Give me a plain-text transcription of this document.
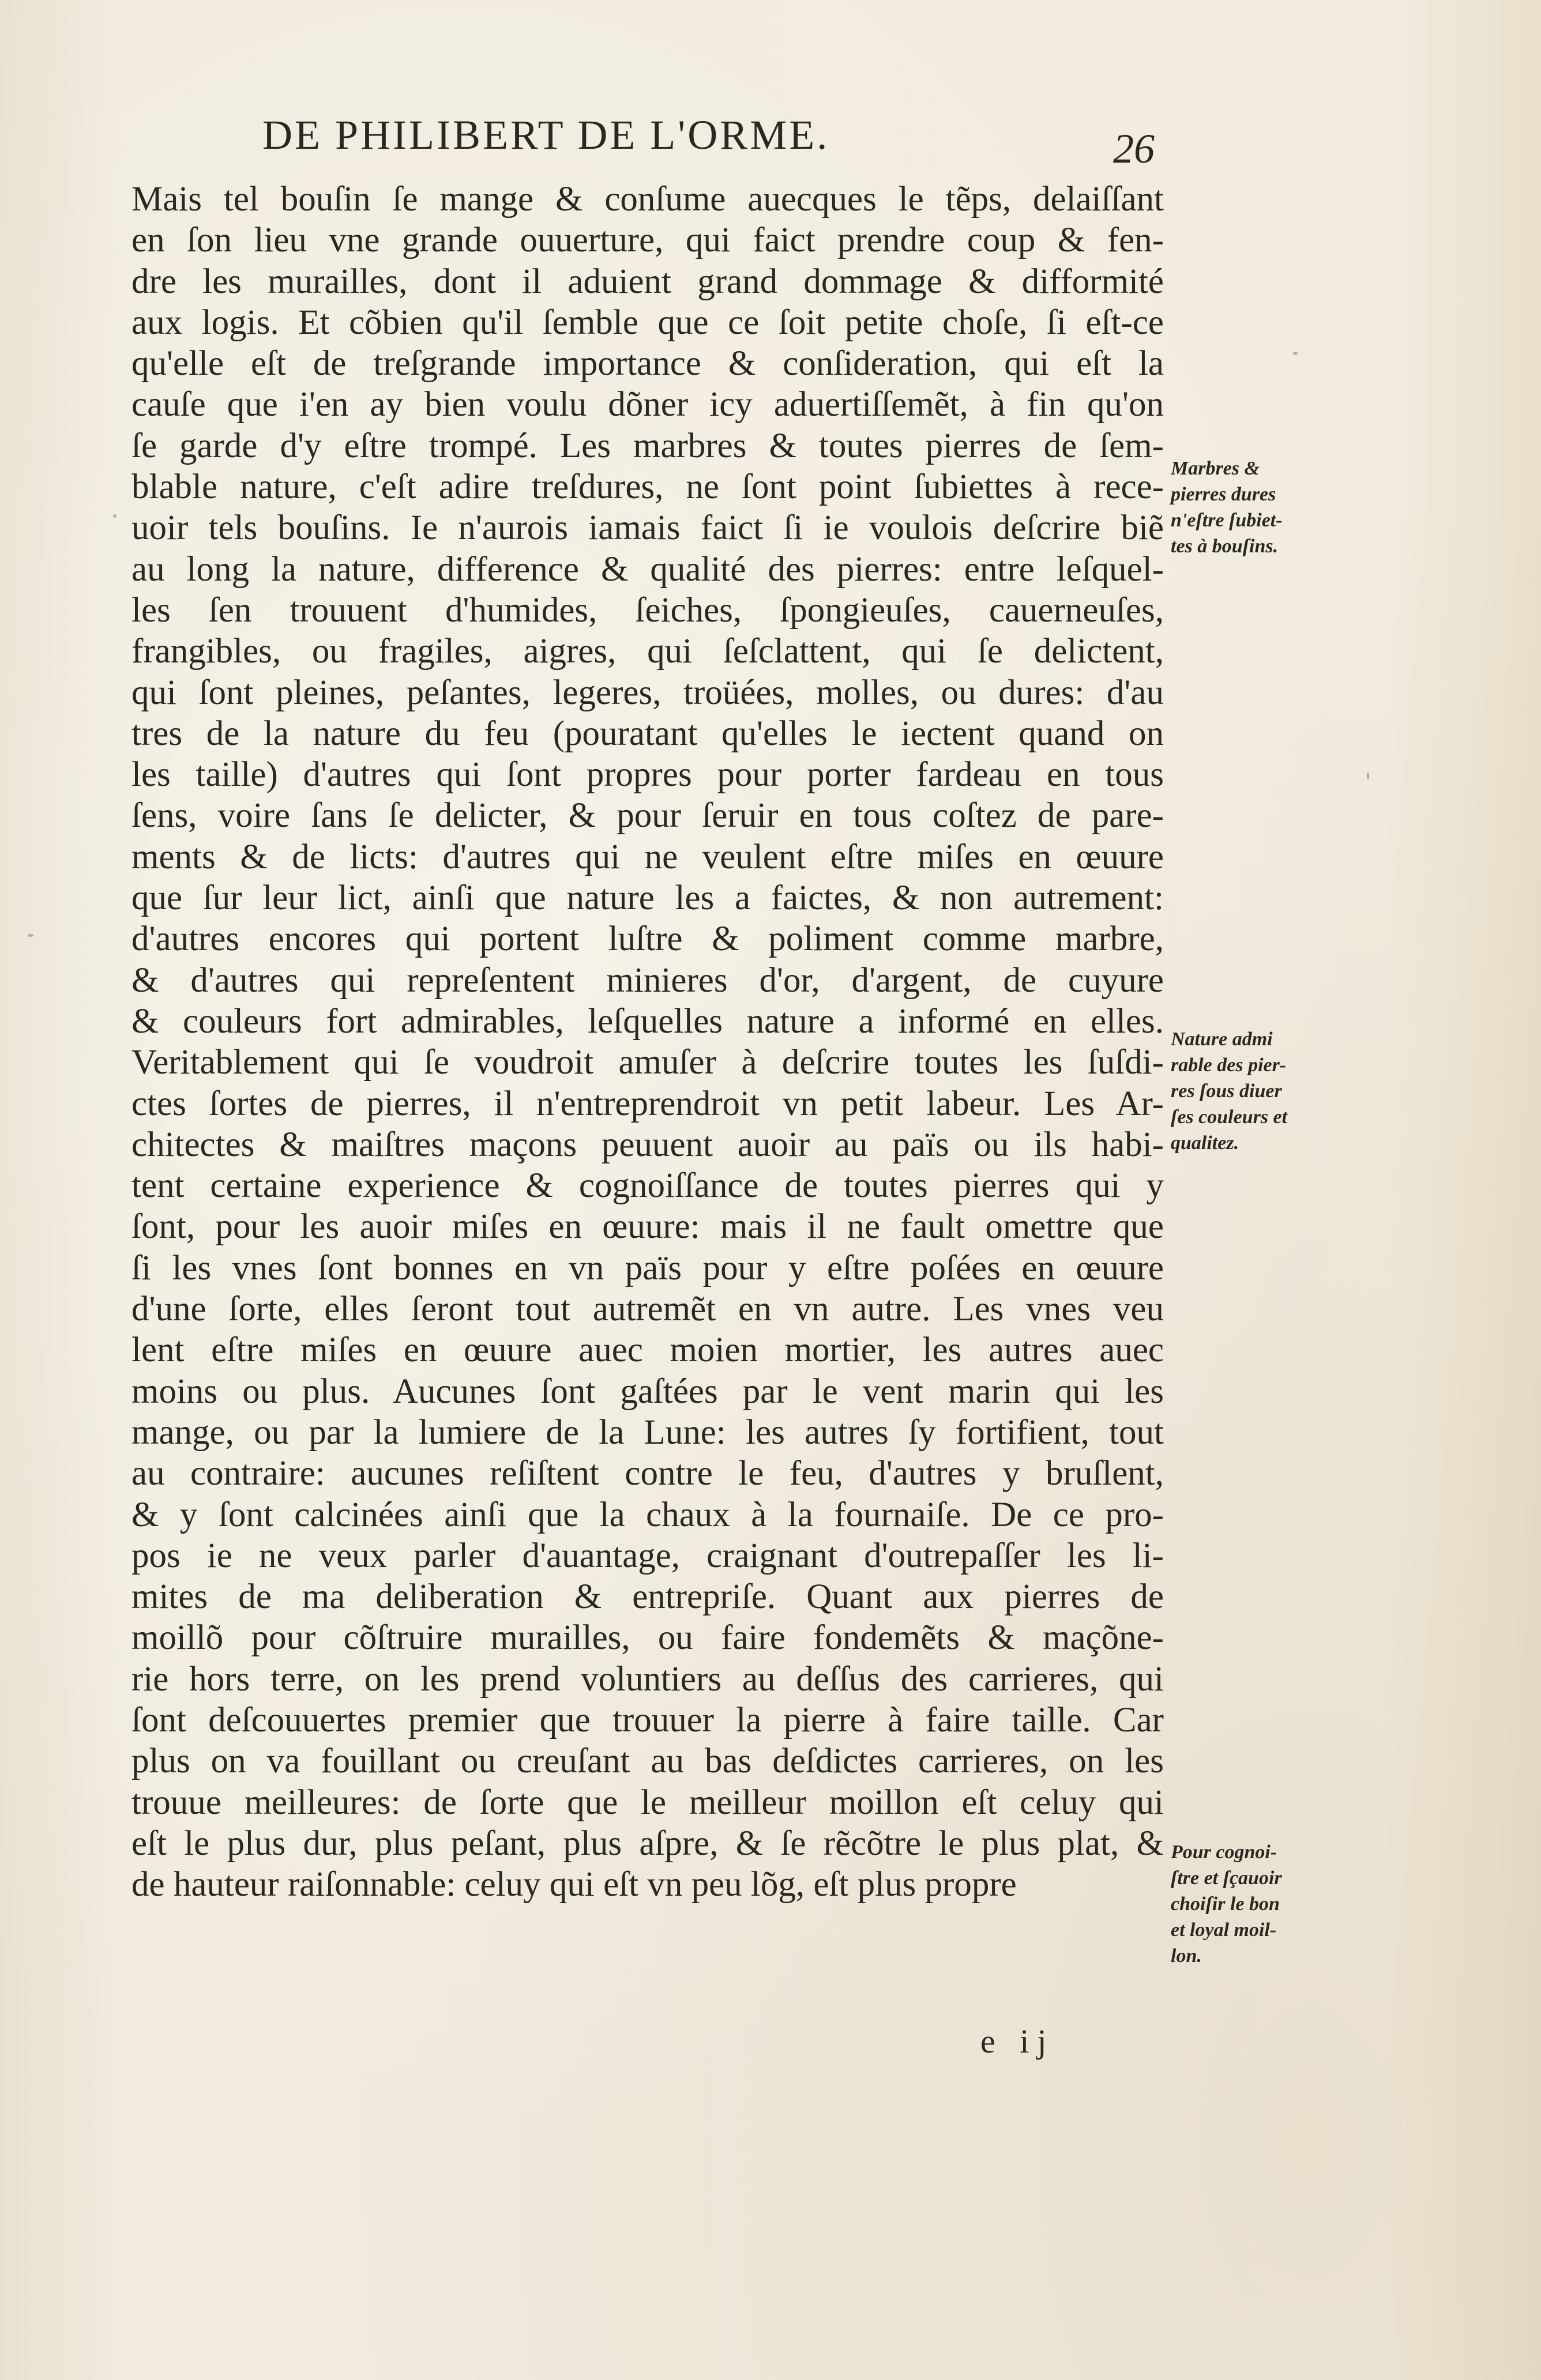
DE PHILIBERT DE L'ORME.	26
Mais tel bouſin ſe mange & conſume auecques le tẽps, delaiſſant
en ſon lieu vne grande ouuerture, qui faict prendre coup & fen-
dre les murailles, dont il aduient grand dommage & difformité
aux logis. Et cõbien qu'il ſemble que ce ſoit petite choſe, ſi eſt-ce
qu'elle eſt de treſgrande importance & conſideration, qui eſt la
cauſe que i'en ay bien voulu dõner icy aduertiſſemẽt, à fin qu'on
ſe garde d'y eſtre trompé. Les marbres & toutes pierres de ſem-
blable nature, c'eſt adire treſdures, ne ſont point ſubiettes à rece-
uoir tels bouſins. Ie n'aurois iamais faict ſi ie voulois deſcrire biẽ
au long la nature, difference & qualité des pierres: entre leſquel-
les ſen trouuent d'humides, ſeiches, ſpongieuſes, cauerneuſes,
frangibles, ou fragiles, aigres, qui ſeſclattent, qui ſe delictent,
qui ſont pleines, peſantes, legeres, troüées, molles, ou dures: d'au
tres de la nature du feu (pouratant qu'elles le iectent quand on
les taille) d'autres qui ſont propres pour porter fardeau en tous
ſens, voire ſans ſe delicter, & pour ſeruir en tous coſtez de pare-
ments & de licts: d'autres qui ne veulent eſtre miſes en œuure
que ſur leur lict, ainſi que nature les a faictes, & non autrement:
d'autres encores qui portent luſtre & poliment comme marbre,
& d'autres qui repreſentent minieres d'or, d'argent, de cuyure
& couleurs fort admirables, leſquelles nature a informé en elles.
Veritablement qui ſe voudroit amuſer à deſcrire toutes les ſuſdi-
ctes ſortes de pierres, il n'entreprendroit vn petit labeur. Les Ar-
chitectes & maiſtres maçons peuuent auoir au païs ou ils habi-
tent certaine experience & cognoiſſance de toutes pierres qui y
ſont, pour les auoir miſes en œuure: mais il ne fault omettre que
ſi les vnes ſont bonnes en vn païs pour y eſtre poſées en œuure
d'une ſorte, elles ſeront tout autremẽt en vn autre. Les vnes veu
lent eſtre miſes en œuure auec moien mortier, les autres auec
moins ou plus. Aucunes ſont gaſtées par le vent marin qui les
mange, ou par la lumiere de la Lune: les autres ſy fortifient, tout
au contraire: aucunes reſiſtent contre le feu, d'autres y bruſlent,
& y ſont calcinées ainſi que la chaux à la fournaiſe. De ce pro-
pos ie ne veux parler d'auantage, craignant d'outrepaſſer les li-
mites de ma deliberation & entrepriſe. Quant aux pierres de
moillõ pour cõſtruire murailles, ou faire fondemẽts & maçõne-
rie hors terre, on les prend voluntiers au deſſus des carrieres, qui
ſont deſcouuertes premier que trouuer la pierre à faire taille. Car
plus on va fouillant ou creuſant au bas deſdictes carrieres, on les
trouue meilleures: de ſorte que le meilleur moillon eſt celuy qui
eſt le plus dur, plus peſant, plus aſpre, & ſe rẽcõtre le plus plat, &
de hauteur raiſonnable: celuy qui eſt vn peu lõg, eſt plus propre
e ij
Marbres &
pierres dures
n'eſtre ſubiet-
tes à bouſins.
Nature admi
rable des pier-
res ſous diuer
ſes couleurs et
qualitez.
Pour cognoi-
ſtre et ſçauoir
choiſir le bon
et loyal moil-
lon.
